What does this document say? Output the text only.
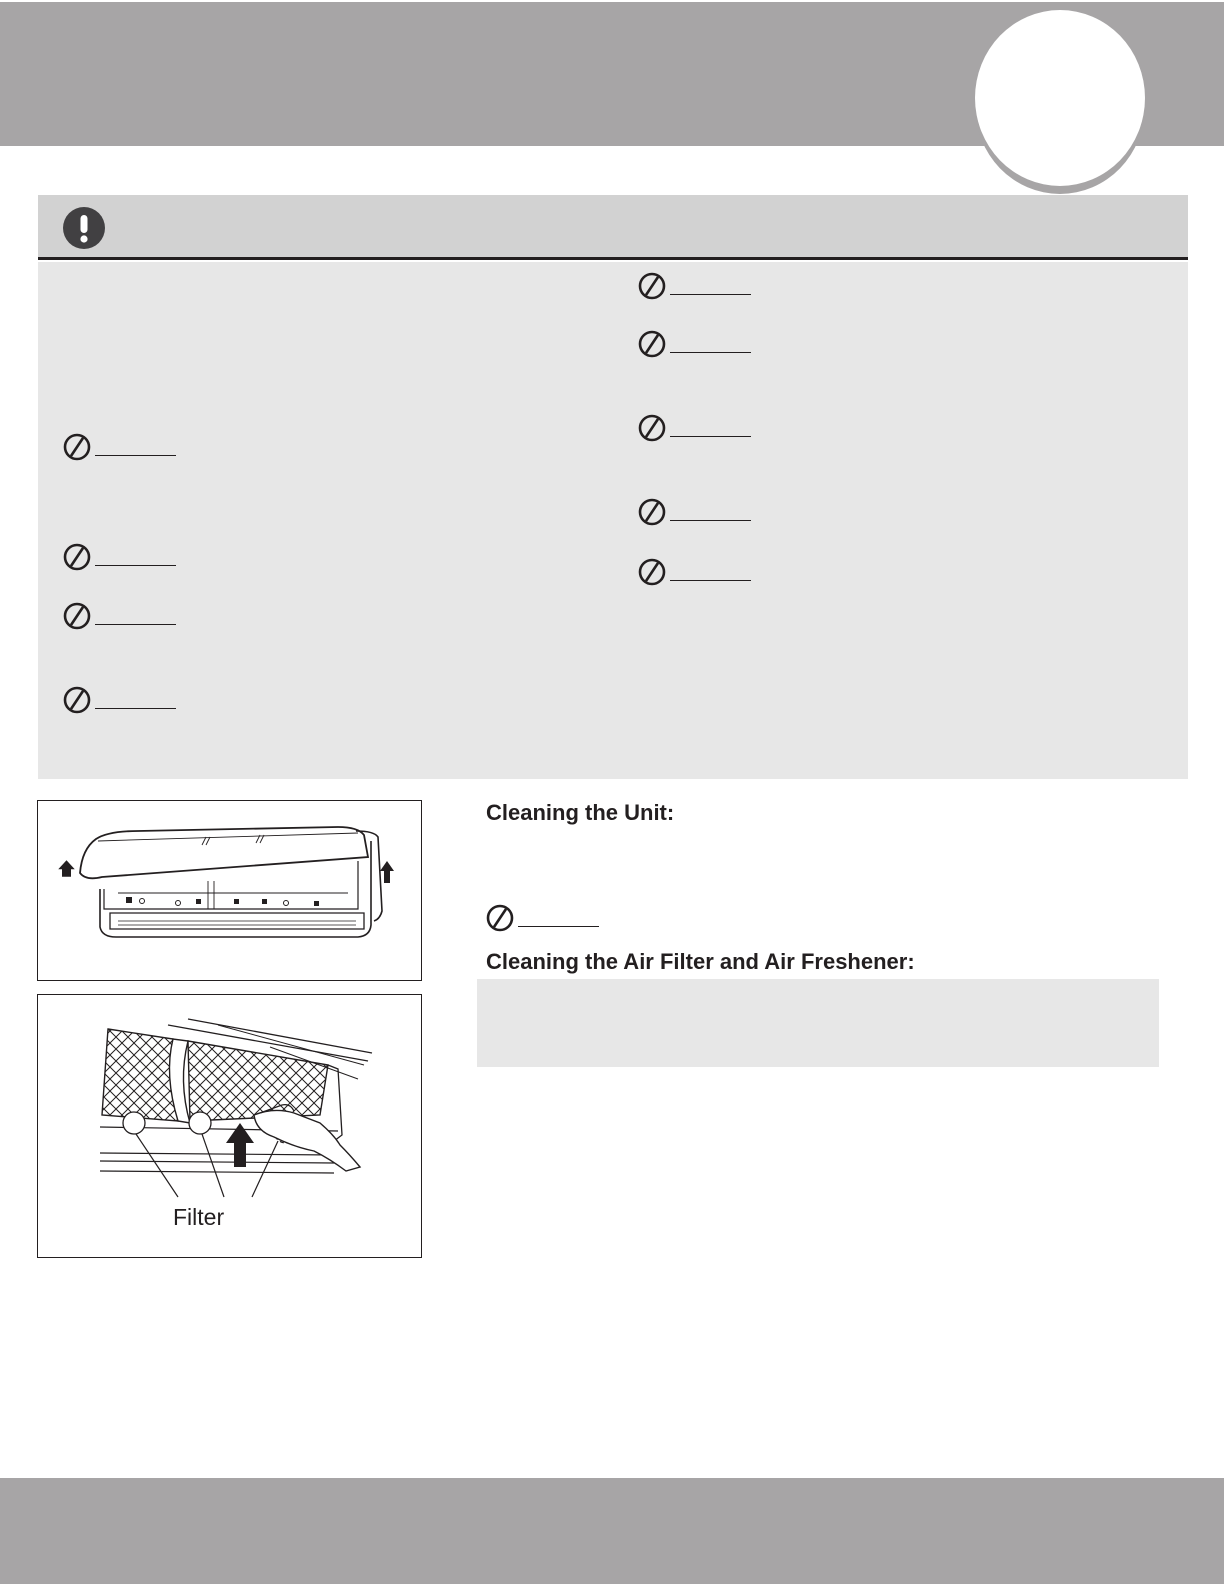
Filter
Cleaning the Unit:
Cleaning the Air Filter and Air Freshener:
